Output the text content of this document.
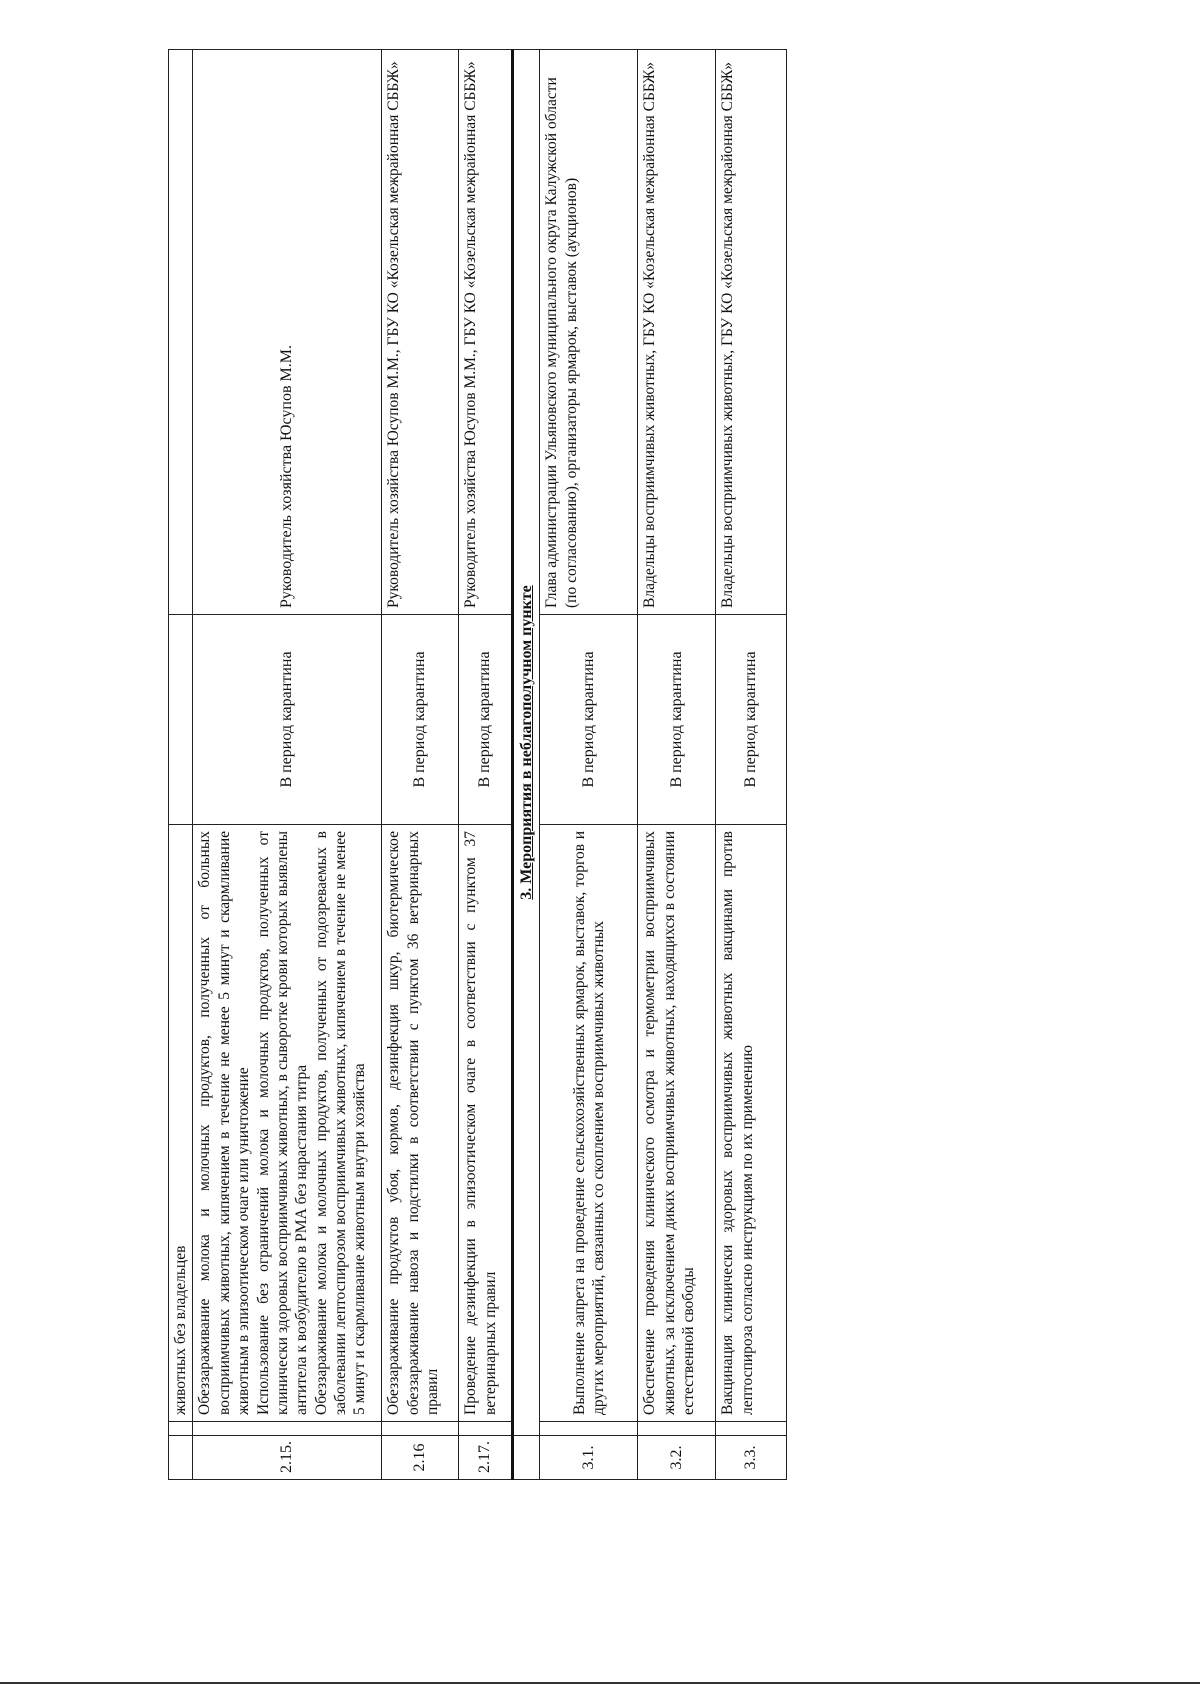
		животных без владельцев		
2.15.		Обеззараживание молока и молочных продуктов, полученных от больных восприимчивых животных, кипячением в течение не менее 5 минут и скармливание животным в эпизоотическом очаге или уничтожение Использование без ограничений молока и молочных продуктов, полученных от клинически здоровых восприимчивых животных, в сыворотке крови которых выявлены антитела к возбудителю в РМА без нарастания титра Обеззараживание молока и молочных продуктов, полученных от подозреваемых в заболевании лептоспирозом восприимчивых животных, кипячением в течение не менее 5 минут и скармливание животным внутри хозяйства	В период карантина	Руководитель хозяйства Юсупов М.М.
2.16		Обеззараживание продуктов убоя, кормов, дезинфекция шкур, биотермическое обеззараживание навоза и подстилки в соответствии с пунктом 36 ветеринарных правил	В период карантина	Руководитель хозяйства Юсупов М.М., ГБУ КО «Козельская межрайонная СББЖ»
2.17.		Проведение дезинфекции в эпизоотическом очаге в соответствии с пунктом 37 ветеринарных правил	В период карантина	Руководитель хозяйства Юсупов М.М., ГБУ КО «Козельская межрайонная СББЖ»
	3. Мероприятия в неблагополучном пункте			
3.1.		Выполнение запрета на проведение сельскохозяйственных ярмарок, выставок, торгов и других мероприятий, связанных со скоплением восприимчивых животных	В период карантина	Глава администрации Ульяновского муниципального округа Калужской области (по согласованию), организаторы ярмарок, выставок (аукционов)
3.2.		Обеспечение проведения клинического осмотра и термометрии восприимчивых животных, за исключением диких восприимчивых животных, находящихся в состоянии естественной свободы	В период карантина	Владельцы восприимчивых животных, ГБУ КО «Козельская межрайонная СББЖ»
3.3.		Вакцинация клинически здоровых восприимчивых животных вакцинами против лептоспироза согласно инструкциям по их применению	В период карантина	Владельцы восприимчивых животных, ГБУ КО «Козельская межрайонная СББЖ»
